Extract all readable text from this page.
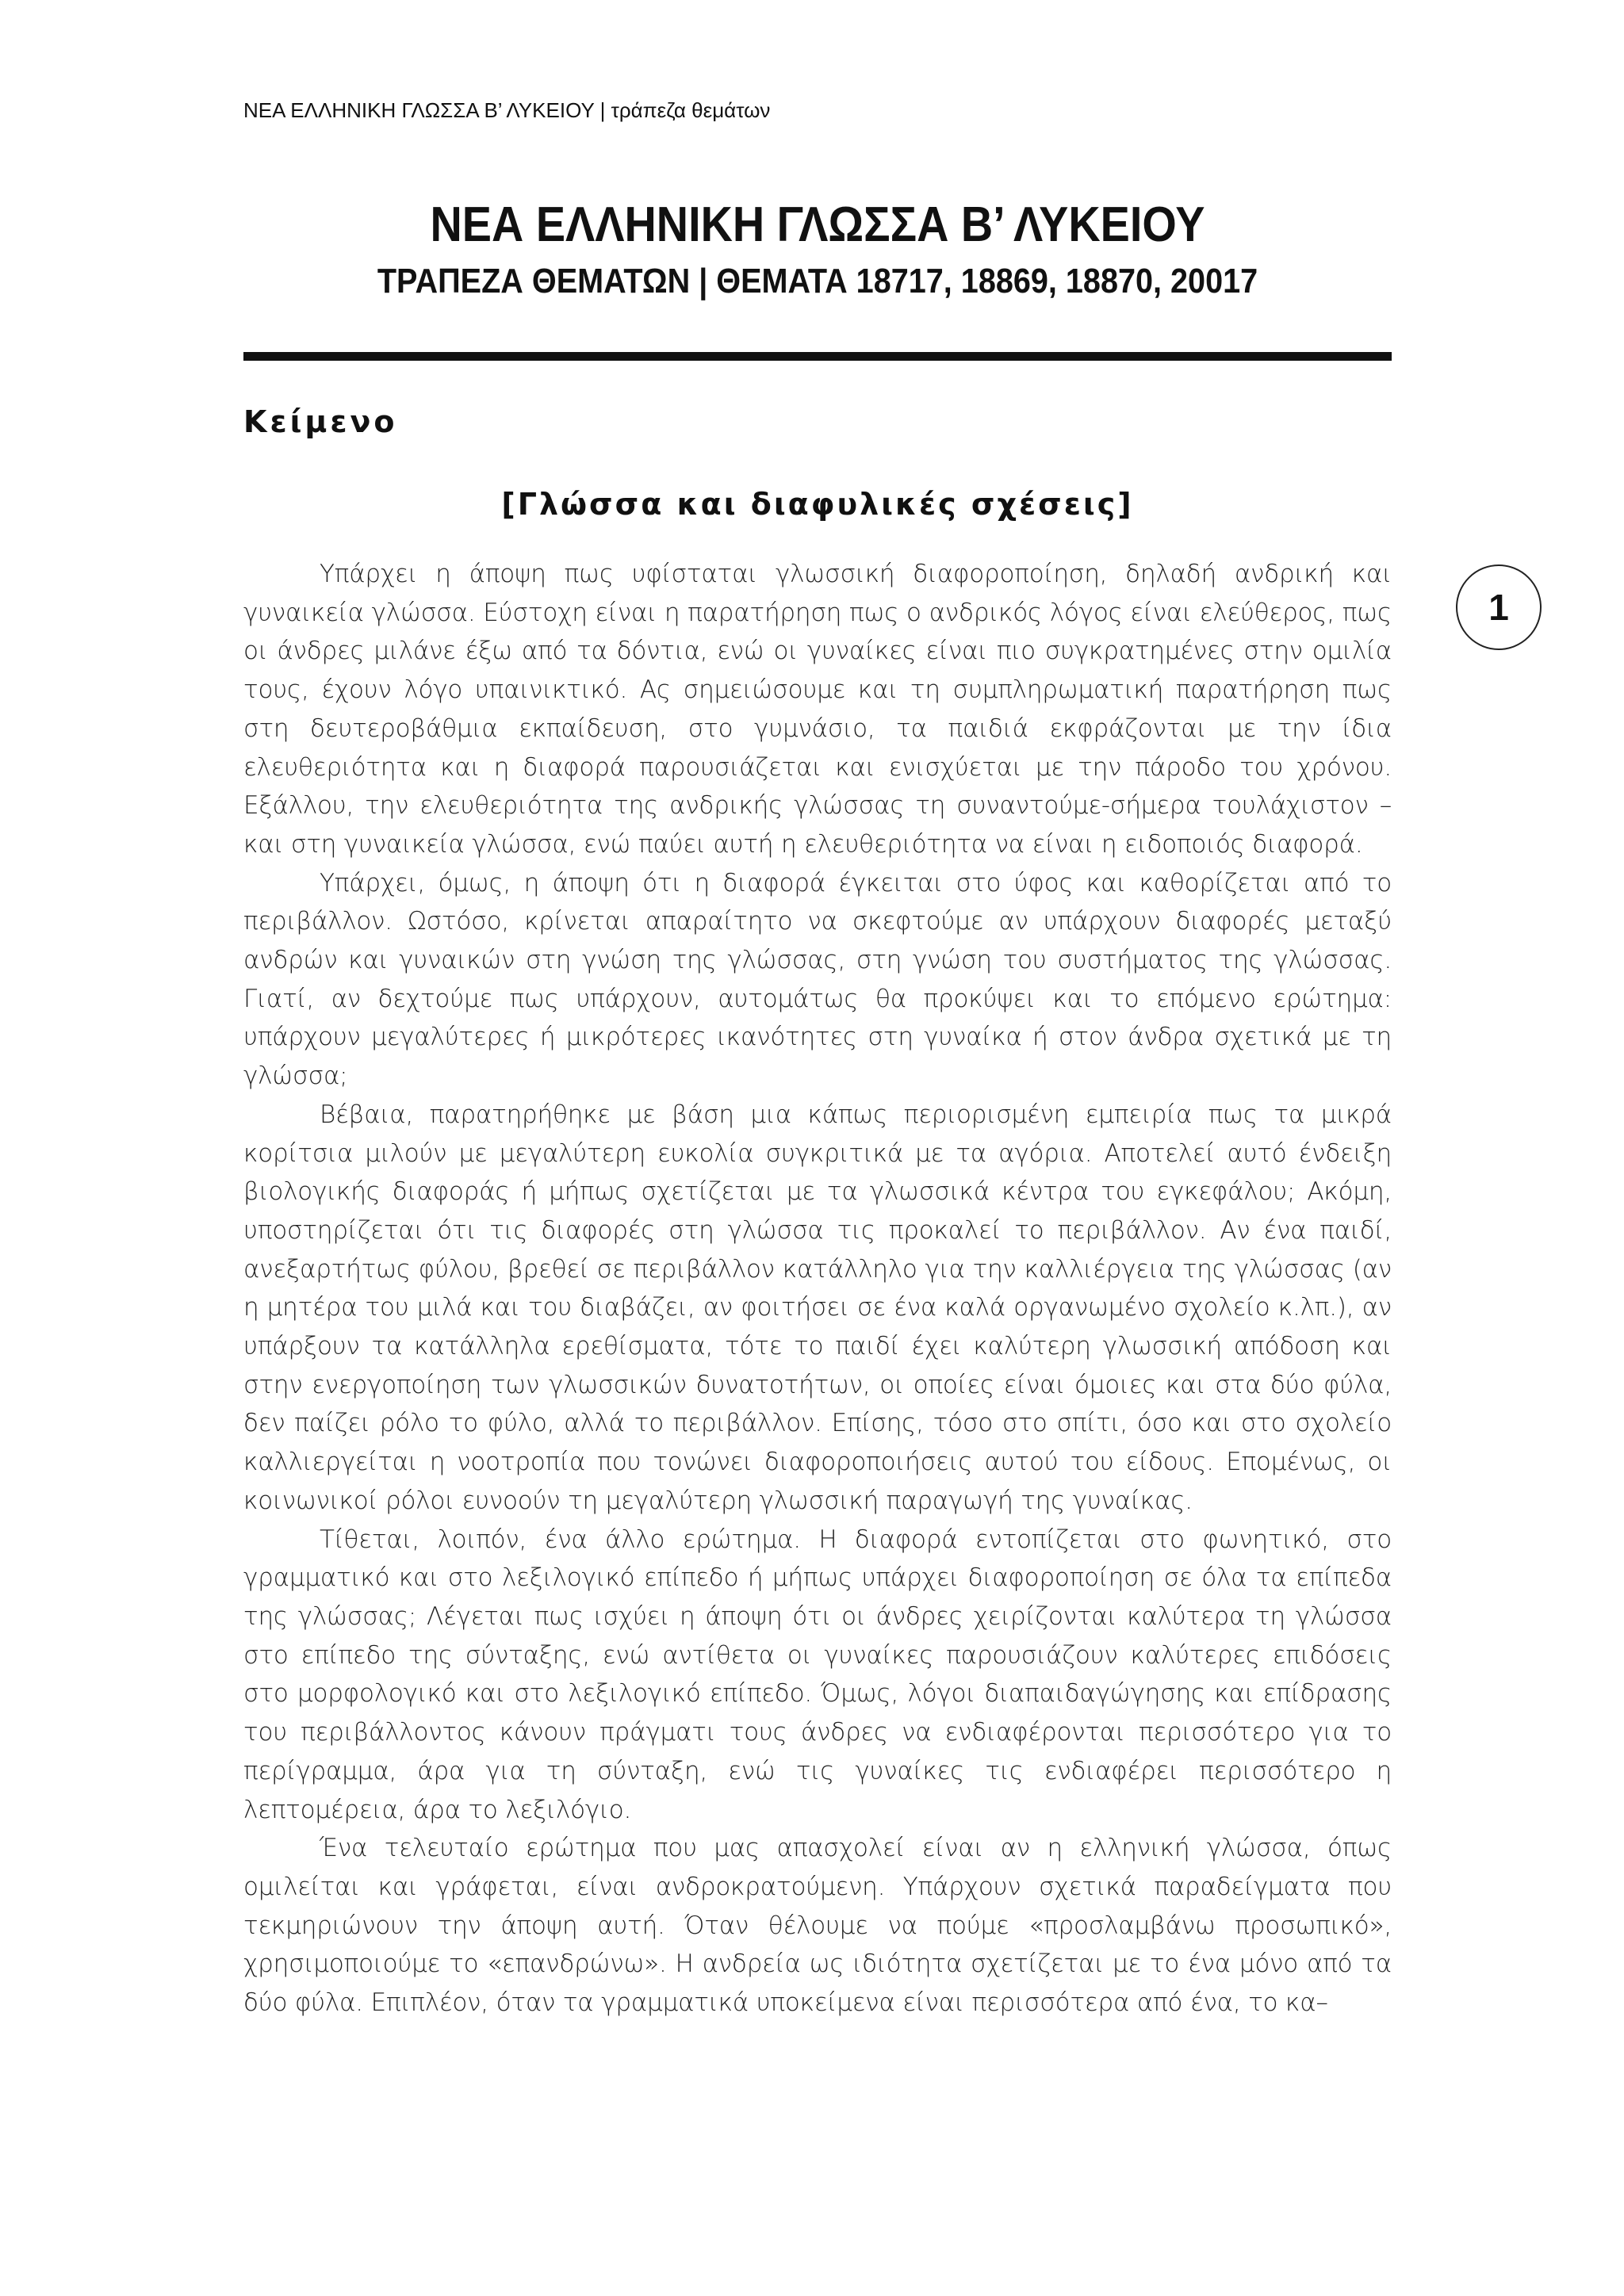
ΝΕΑ ΕΛΛΗΝΙΚΗ ΓΛΩΣΣΑ Β’ ΛΥΚΕΙΟΥ | τράπεζα θεμάτων
ΝΕΑ ΕΛΛΗΝΙΚΗ ΓΛΩΣΣΑ Β’ ΛΥΚΕΙΟΥ
ΤΡΑΠΕΖΑ ΘΕΜΑΤΩΝ | ΘΕΜΑΤΑ 18717, 18869, 18870, 20017
Κείμενο
[Γλώσσα και διαφυλικές σχέσεις]
1

Υπάρχει η άποψη πως υφίσταται γλωσσική διαφοροποίηση, δηλαδή ανδρική και γυναικεία γλώσσα. Εύστοχη είναι η παρατήρηση πως ο ανδρικός λόγος είναι ελεύθερος, πως οι άνδρες μιλάνε έξω από τα δόντια, ενώ οι γυναίκες είναι πιο συγκρατημένες στην ομιλία τους, έχουν λόγο υπαινικτικό. Ας σημειώσουμε και τη συμπληρωματική παρατήρηση πως στη δευτεροβάθμια εκπαίδευση, στο γυμνάσιο, τα παιδιά εκφράζονται με την ίδια ελευθεριότητα και η διαφορά παρουσιάζεται και ενισχύεται με την πάροδο του χρόνου. Εξάλλου, την ελευθεριότητα της ανδρικής γλώσσας τη συναντούμε-σήμερα τουλάχιστον – και στη γυναικεία γλώσσα, ενώ παύει αυτή η ελευθεριότητα να είναι η ειδοποιός διαφορά.

Υπάρχει, όμως, η άποψη ότι η διαφορά έγκειται στο ύφος και καθορίζεται από το περιβάλλον. Ωστόσο, κρίνεται απαραίτητο να σκεφτούμε αν υπάρχουν διαφορές μεταξύ ανδρών και γυναικών στη γνώση της γλώσσας, στη γνώση του συστήματος της γλώσσας. Γιατί, αν δεχτούμε πως υπάρχουν, αυτομάτως θα προκύψει και το επόμενο ερώτημα: υπάρχουν μεγαλύτερες ή μικρότερες ικανότητες στη γυναίκα ή στον άνδρα σχετικά με τη γλώσσα;

Βέβαια, παρατηρήθηκε με βάση μια κάπως περιορισμένη εμπειρία πως τα μικρά κορίτσια μιλούν με μεγαλύτερη ευκολία συγκριτικά με τα αγόρια. Αποτελεί αυτό ένδειξη βιολογικής διαφοράς ή μήπως σχετίζεται με τα γλωσσικά κέντρα του εγκεφάλου; Ακόμη, υποστηρίζεται ότι τις διαφορές στη γλώσσα τις προκαλεί το περιβάλλον. Αν ένα παιδί, ανεξαρτήτως φύλου, βρεθεί σε περιβάλλον κατάλληλο για την καλλιέργεια της γλώσσας (αν η μητέρα του μιλά και του διαβάζει, αν φοιτήσει σε ένα καλά οργανωμένο σχολείο κ.λπ.), αν υπάρξουν τα κατάλληλα ερεθίσματα, τότε το παιδί έχει καλύτερη γλωσσική απόδοση και στην ενεργοποίηση των γλωσσικών δυνατοτήτων, οι οποίες είναι όμοιες και στα δύο φύλα, δεν παίζει ρόλο το φύλο, αλλά το περιβάλλον. Επίσης, τόσο στο σπίτι, όσο και στο σχολείο καλλιεργείται η νοοτροπία που τονώνει διαφοροποιήσεις αυτού του είδους. Επομένως, οι κοινωνικοί ρόλοι ευνοούν τη μεγαλύτερη γλωσσική παραγωγή της γυναίκας.

Τίθεται, λοιπόν, ένα άλλο ερώτημα. Η διαφορά εντοπίζεται στο φωνητικό, στο γραμματικό και στο λεξιλογικό επίπεδο ή μήπως υπάρχει διαφοροποίηση σε όλα τα επίπεδα της γλώσσας; Λέγεται πως ισχύει η άποψη ότι οι άνδρες χειρίζονται καλύτερα τη γλώσσα στο επίπεδο της σύνταξης, ενώ αντίθετα οι γυναίκες παρουσιάζουν καλύτερες επιδόσεις στο μορφολογικό και στο λεξιλογικό επίπεδο. Όμως, λόγοι διαπαιδαγώγησης και επίδρασης του περιβάλλοντος κάνουν πράγματι τους άνδρες να ενδιαφέρονται περισσότερο για το περίγραμμα, άρα για τη σύνταξη, ενώ τις γυναίκες τις ενδιαφέρει περισσότερο η λεπτομέρεια, άρα το λεξιλόγιο.

Ένα τελευταίο ερώτημα που μας απασχολεί είναι αν η ελληνική γλώσσα, όπως ομιλείται και γράφεται, είναι ανδροκρατούμενη. Υπάρχουν σχετικά παραδείγματα που τεκμηριώνουν την άποψη αυτή. Όταν θέλουμε να πούμε «προσλαμβάνω προσωπικό», χρησιμοποιούμε το «επανδρώνω». Η ανδρεία ως ιδιότητα σχετίζεται με το ένα μόνο από τα δύο φύλα. Επιπλέον, όταν τα γραμματικά υποκείμενα είναι περισσότερα από ένα, το κα–
